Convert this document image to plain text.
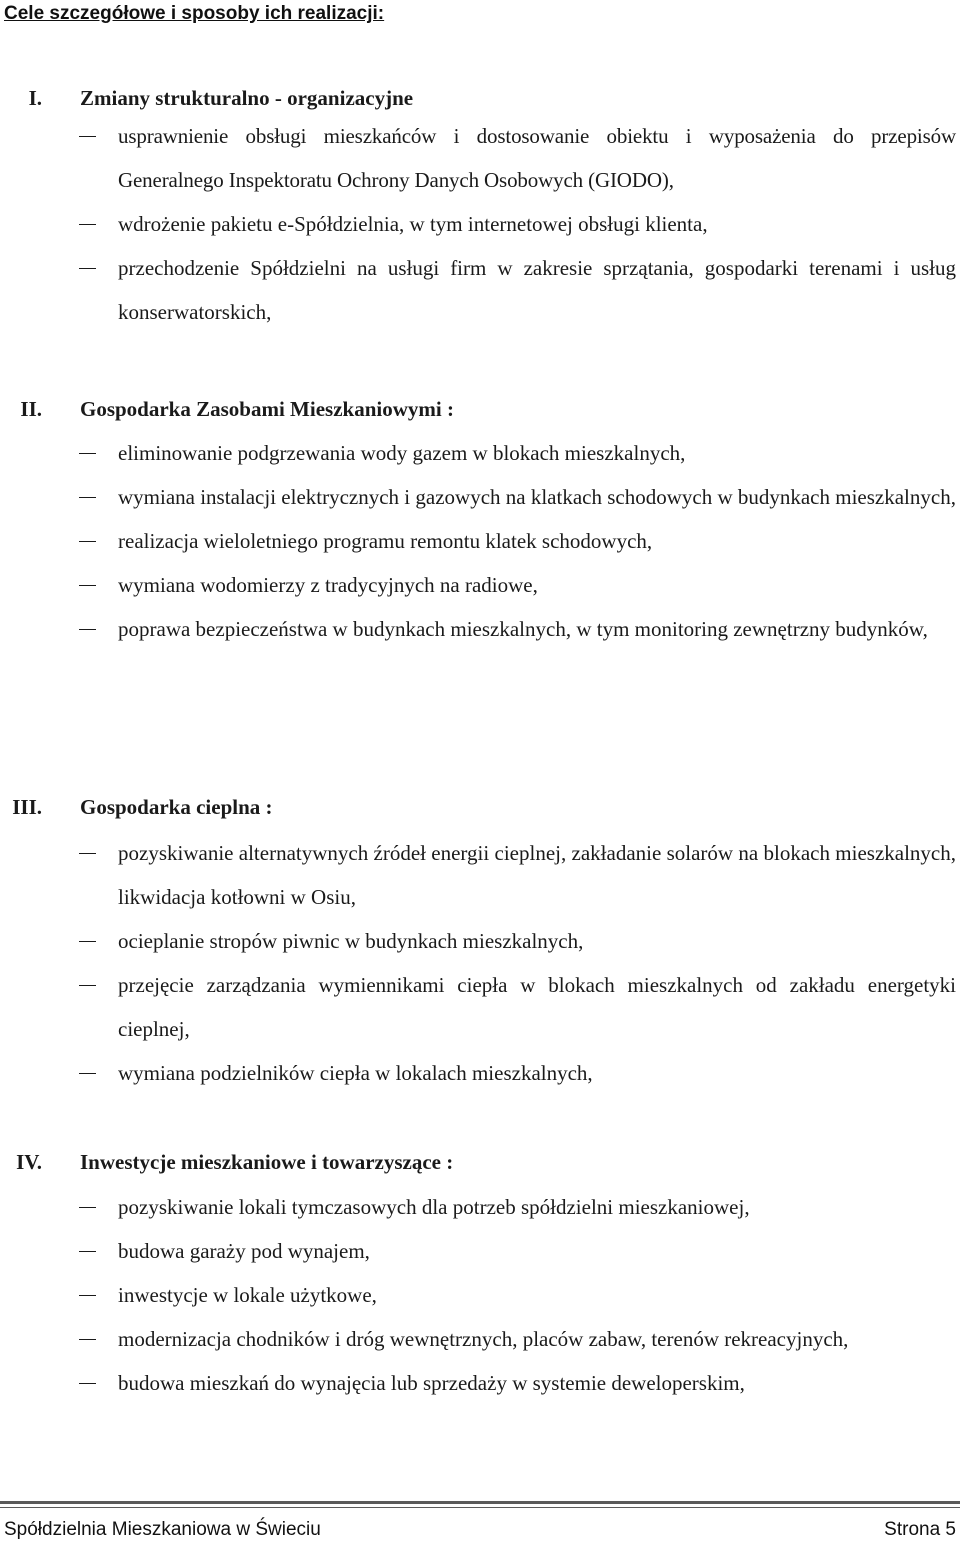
Cele szczegółowe i sposoby ich realizacji:
I. Zmiany strukturalno - organizacyjne
usprawnienie obsługi mieszkańców i dostosowanie obiektu i wyposażenia do przepisów Generalnego Inspektoratu Ochrony Danych Osobowych (GIODO),
wdrożenie pakietu e-Spółdzielnia, w tym internetowej obsługi klienta,
przechodzenie Spółdzielni na usługi firm w zakresie sprzątania, gospodarki terenami i usług konserwatorskich,
II. Gospodarka Zasobami Mieszkaniowymi :
eliminowanie podgrzewania wody gazem w blokach mieszkalnych,
wymiana instalacji elektrycznych i gazowych na klatkach schodowych w budynkach mieszkalnych,
realizacja wieloletniego programu remontu klatek schodowych,
wymiana wodomierzy z tradycyjnych na radiowe,
poprawa bezpieczeństwa w budynkach mieszkalnych, w tym monitoring zewnętrzny budynków,
III. Gospodarka cieplna :
pozyskiwanie alternatywnych źródeł energii cieplnej, zakładanie solarów na blokach mieszkalnych, likwidacja kotłowni w Osiu,
ocieplanie stropów piwnic w budynkach mieszkalnych,
przejęcie zarządzania wymiennikami ciepła w blokach mieszkalnych od zakładu energetyki cieplnej,
wymiana podzielników ciepła w lokalach mieszkalnych,
IV. Inwestycje mieszkaniowe i towarzyszące :
pozyskiwanie lokali tymczasowych dla potrzeb spółdzielni mieszkaniowej,
budowa garaży pod wynajem,
inwestycje w lokale użytkowe,
modernizacja chodników i dróg wewnętrznych, placów zabaw, terenów rekreacyjnych,
budowa mieszkań do wynajęcia lub sprzedaży w systemie deweloperskim,
Spółdzielnia Mieszkaniowa w Świeciu	Strona 5
